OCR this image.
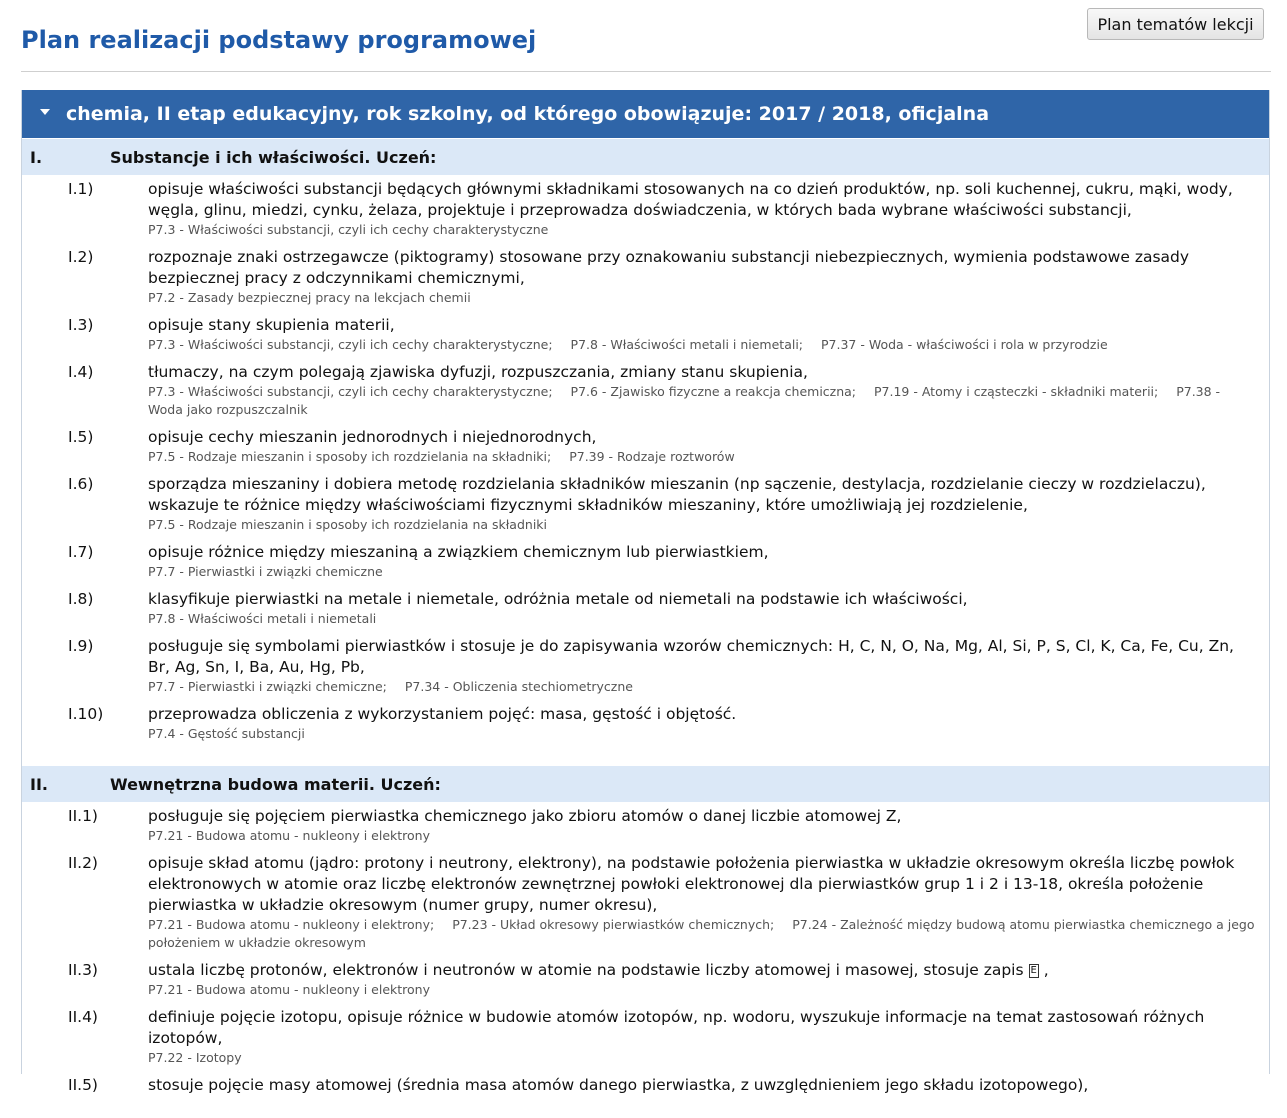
Plan realizacji podstawy programowej
Plan tematów lekcji
chemia, II etap edukacyjny, rok szkolny, od którego obowiązuje: 2017 / 2018, oficjalna
I.	Substancje i ich właściwości. Uczeń:
I.1)	opisuje właściwości substancji będących głównymi składnikami stosowanych na co dzień produktów, np. soli kuchennej, cukru, mąki, wody, węgla, glinu, miedzi, cynku, żelaza, projektuje i przeprowadza doświadczenia, w których bada wybrane właściwości substancji,
P7.3 - Właściwości substancji, czyli ich cechy charakterystyczne
I.2)	rozpoznaje znaki ostrzegawcze (piktogramy) stosowane przy oznakowaniu substancji niebezpiecznych, wymienia podstawowe zasady bezpiecznej pracy z odczynnikami chemicznymi,
P7.2 - Zasady bezpiecznej pracy na lekcjach chemii
I.3)	opisuje stany skupienia materii,
P7.3 - Właściwości substancji, czyli ich cechy charakterystyczne; P7.8 - Właściwości metali i niemetali; P7.37 - Woda - właściwości i rola w przyrodzie
I.4)	tłumaczy, na czym polegają zjawiska dyfuzji, rozpuszczania, zmiany stanu skupienia,
P7.3 - Właściwości substancji, czyli ich cechy charakterystyczne; P7.6 - Zjawisko fizyczne a reakcja chemiczna; P7.19 - Atomy i cząsteczki - składniki materii; P7.38 - Woda jako rozpuszczalnik
I.5)	opisuje cechy mieszanin jednorodnych i niejednorodnych,
P7.5 - Rodzaje mieszanin i sposoby ich rozdzielania na składniki; P7.39 - Rodzaje roztworów
I.6)	sporządza mieszaniny i dobiera metodę rozdzielania składników mieszanin (np sączenie, destylacja, rozdzielanie cieczy w rozdzielaczu), wskazuje te różnice między właściwościami fizycznymi składników mieszaniny, które umożliwiają jej rozdzielenie,
P7.5 - Rodzaje mieszanin i sposoby ich rozdzielania na składniki
I.7)	opisuje różnice między mieszaniną a związkiem chemicznym lub pierwiastkiem,
P7.7 - Pierwiastki i związki chemiczne
I.8)	klasyfikuje pierwiastki na metale i niemetale, odróżnia metale od niemetali na podstawie ich właściwości,
P7.8 - Właściwości metali i niemetali
I.9)	posługuje się symbolami pierwiastków i stosuje je do zapisywania wzorów chemicznych: H, C, N, O, Na, Mg, Al, Si, P, S, Cl, K, Ca, Fe, Cu, Zn, Br, Ag, Sn, I, Ba, Au, Hg, Pb,
P7.7 - Pierwiastki i związki chemiczne; P7.34 - Obliczenia stechiometryczne
I.10)	przeprowadza obliczenia z wykorzystaniem pojęć: masa, gęstość i objętość.
P7.4 - Gęstość substancji
II.	Wewnętrzna budowa materii. Uczeń:
II.1)	posługuje się pojęciem pierwiastka chemicznego jako zbioru atomów o danej liczbie atomowej Z,
P7.21 - Budowa atomu - nukleony i elektrony
II.2)	opisuje skład atomu (jądro: protony i neutrony, elektrony), na podstawie położenia pierwiastka w układzie okresowym określa liczbę powłok elektronowych w atomie oraz liczbę elektronów zewnętrznej powłoki elektronowej dla pierwiastków grup 1 i 2 i 13-18, określa położenie pierwiastka w układzie okresowym (numer grupy, numer okresu),
P7.21 - Budowa atomu - nukleony i elektrony; P7.23 - Układ okresowy pierwiastków chemicznych; P7.24 - Zależność między budową atomu pierwiastka chemicznego a jego położeniem w układzie okresowym
II.3)	ustala liczbę protonów, elektronów i neutronów w atomie na podstawie liczby atomowej i masowej, stosuje zapis E ,
P7.21 - Budowa atomu - nukleony i elektrony
II.4)	definiuje pojęcie izotopu, opisuje różnice w budowie atomów izotopów, np. wodoru, wyszukuje informacje na temat zastosowań różnych izotopów,
P7.22 - Izotopy
II.5)	stosuje pojęcie masy atomowej (średnia masa atomów danego pierwiastka, z uwzględnieniem jego składu izotopowego),
